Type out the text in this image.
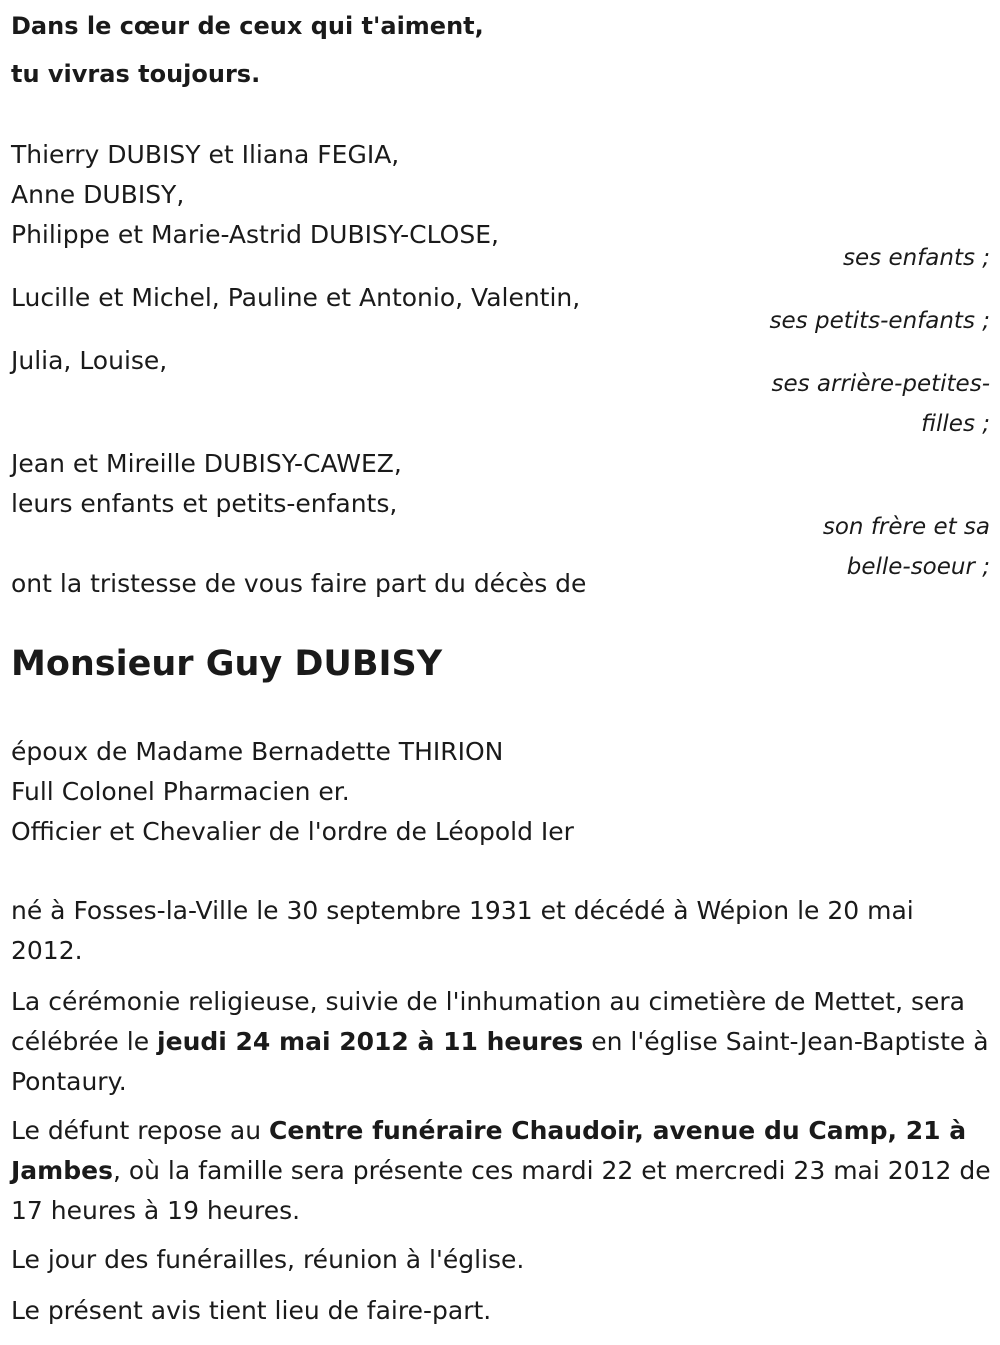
Dans le cœur de ceux qui t'aiment,
tu vivras toujours.
Thierry DUBISY et Iliana FEGIA,
Anne DUBISY,
Philippe et Marie-Astrid DUBISY-CLOSE,
ses enfants ;
Lucille et Michel, Pauline et Antonio, Valentin,
ses petits-enfants ;
Julia, Louise,
ses arrière-petites-
filles ;
Jean et Mireille DUBISY-CAWEZ,
leurs enfants et petits-enfants,
son frère et sa
belle-soeur ;
ont la tristesse de vous faire part du décès de
Monsieur Guy DUBISY
époux de Madame Bernadette THIRION
Full Colonel Pharmacien er.
Officier et Chevalier de l'ordre de Léopold Ier
né à Fosses-la-Ville le 30 septembre 1931 et décédé à Wépion le 20 mai 2012.
La cérémonie religieuse, suivie de l'inhumation au cimetière de Mettet, sera célébrée le jeudi 24 mai 2012 à 11 heures en l'église Saint-Jean-Baptiste à Pontaury.
Le défunt repose au Centre funéraire Chaudoir, avenue du Camp, 21 à Jambes, où la famille sera présente ces mardi 22 et mercredi 23 mai 2012 de 17 heures à 19 heures.
Le jour des funérailles, réunion à l'église.
Le présent avis tient lieu de faire-part.
